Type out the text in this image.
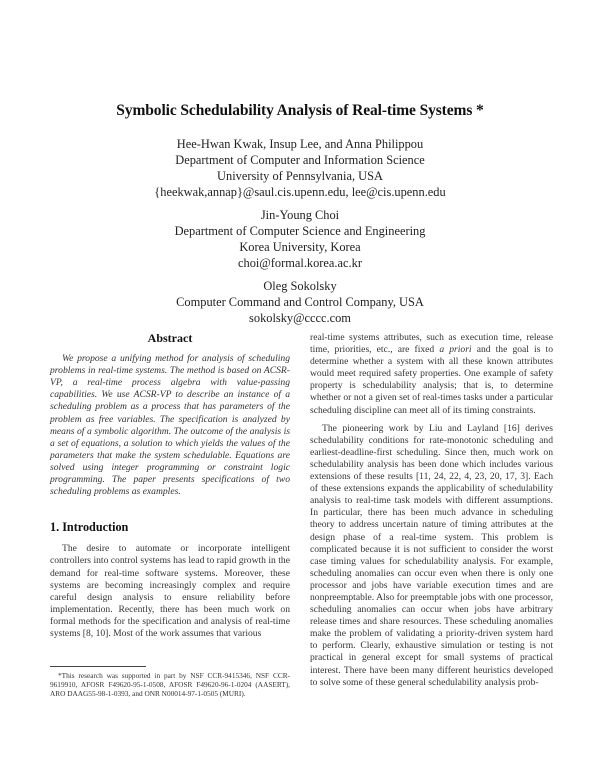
Symbolic Schedulability Analysis of Real-time Systems *
Hee-Hwan Kwak, Insup Lee, and Anna Philippou
Department of Computer and Information Science
University of Pennsylvania, USA
{heekwak,annap}@saul.cis.upenn.edu, lee@cis.upenn.edu
Jin-Young Choi
Department of Computer Science and Engineering
Korea University, Korea
choi@formal.korea.ac.kr
Oleg Sokolsky
Computer Command and Control Company, USA
sokolsky@cccc.com
Abstract
We propose a unifying method for analysis of scheduling problems in real-time systems. The method is based on ACSR-VP, a real-time process algebra with value-passing capabilities. We use ACSR-VP to describe an instance of a scheduling problem as a process that has parameters of the problem as free variables. The specification is analyzed by means of a symbolic algorithm. The outcome of the analysis is a set of equations, a solution to which yields the values of the parameters that make the system schedulable. Equations are solved using integer programming or constraint logic programming. The paper presents specifications of two scheduling problems as examples.
1. Introduction

The desire to automate or incorporate intelligent controllers into control systems has lead to rapid growth in the demand for real-time software systems. Moreover, these systems are becoming increasingly complex and require careful design analysis to ensure reliability before implementation. Recently, there has been much work on formal methods for the specification and analysis of real-time systems [8, 10]. Most of the work assumes that various

real-time systems attributes, such as execution time, release time, priorities, etc., are fixed a priori and the goal is to determine whether a system with all these known attributes would meet required safety properties. One example of safety property is schedulability analysis; that is, to determine whether or not a given set of real-times tasks under a particular scheduling discipline can meet all of its timing constraints.

The pioneering work by Liu and Layland [16] derives schedulability conditions for rate-monotonic scheduling and earliest-deadline-first scheduling. Since then, much work on schedulability analysis has been done which includes various extensions of these results [11, 24, 22, 4, 23, 20, 17, 3]. Each of these extensions expands the applicability of schedulability analysis to real-time task models with different assumptions. In particular, there has been much advance in scheduling theory to address uncertain nature of timing attributes at the design phase of a real-time system. This problem is complicated because it is not sufficient to consider the worst case timing values for schedulability analysis. For example, scheduling anomalies can occur even when there is only one processor and jobs have variable execution times and are nonpreemptable. Also for preemptable jobs with one processor, scheduling anomalies can occur when jobs have arbitrary release times and share resources. These scheduling anomalies make the problem of validating a priority-driven system hard to perform. Clearly, exhaustive simulation or testing is not practical in general except for small systems of practical interest. There have been many different heuristics developed to solve some of these general schedulability analysis prob-

*This research was supported in part by NSF CCR-9415346, NSF CCR-9619910, AFOSR F49620-95-1-0508, AFOSR F49620-96-1-0204 (AASERT), ARO DAAG55-98-1-0393, and ONR N00014-97-1-0505 (MURI).
